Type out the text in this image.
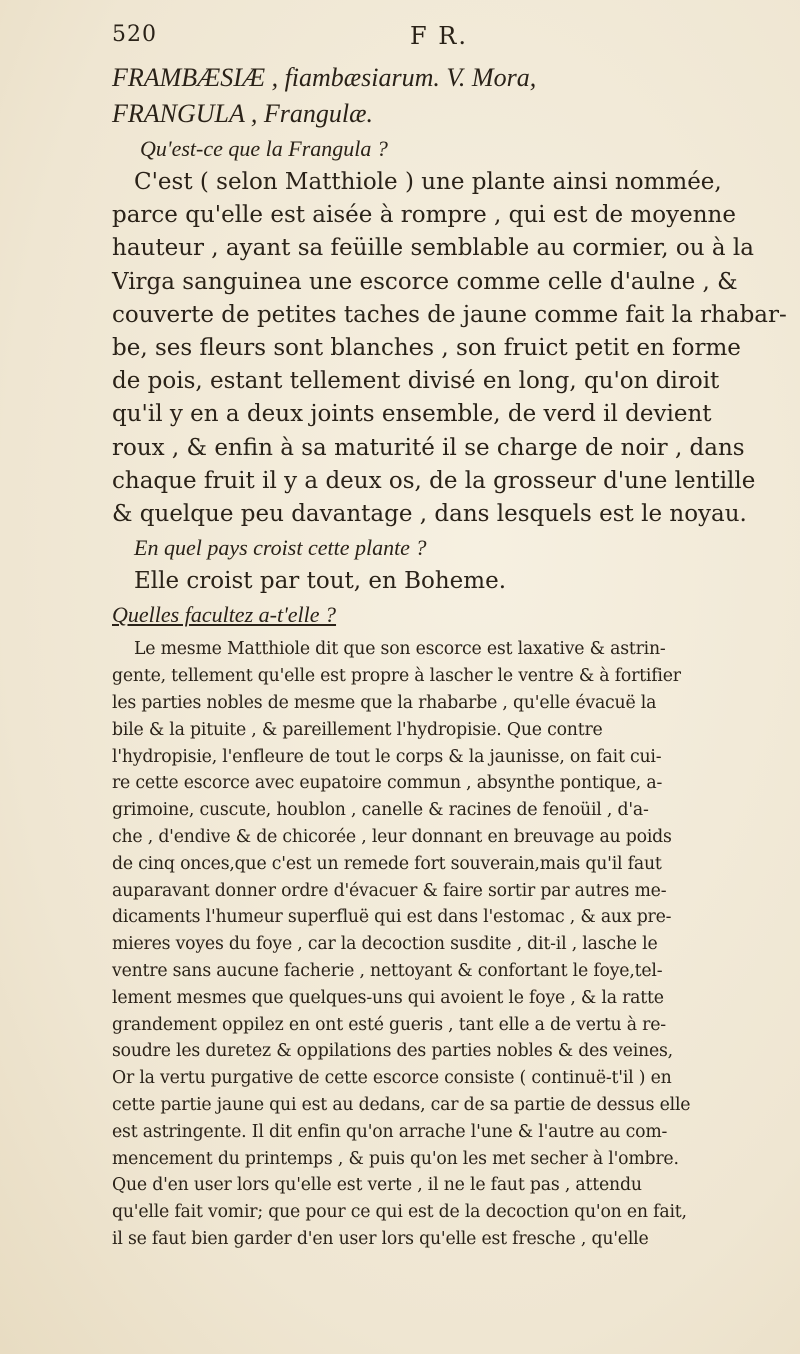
520	F R.
FRAMBÆSIÆ , fiambæsiarum. V. Mora,
FRANGULA , Frangulæ.
Qu'est-ce que la Frangula ?
C'est ( selon Matthiole ) une plante ainsi nommée,
parce qu'elle est aisée à rompre , qui est de moyenne
hauteur , ayant sa feüille semblable au cormier, ou à la
Virga sanguinea une escorce comme celle d'aulne , &
couverte de petites taches de jaune comme fait la rhabar-
be, ses fleurs sont blanches , son fruict petit en forme
de pois, estant tellement divisé en long, qu'on diroit
qu'il y en a deux joints ensemble, de verd il devient
roux , & enfin à sa maturité il se charge de noir , dans
chaque fruit il y a deux os, de la grosseur d'une lentille
& quelque peu davantage , dans lesquels est le noyau.
En quel pays croist cette plante ?
Elle croist par tout, en Boheme.
Quelles facultez a-t'elle ?
Le mesme Matthiole dit que son escorce est laxative & astrin-
gente, tellement qu'elle est propre à lascher le ventre & à fortifier
les parties nobles de mesme que la rhabarbe , qu'elle évacuë la
bile & la pituite , & pareillement l'hydropisie. Que contre
l'hydropisie, l'enfleure de tout le corps & la jaunisse, on fait cui-
re cette escorce avec eupatoire commun , absynthe pontique, a-
grimoine, cuscute, houblon , canelle & racines de fenoüil , d'a-
che , d'endive & de chicorée , leur donnant en breuvage au poids
de cinq onces,que c'est un remede fort souverain,mais qu'il faut
auparavant donner ordre d'évacuer & faire sortir par autres me-
dicaments l'humeur superfluë qui est dans l'estomac , & aux pre-
mieres voyes du foye , car la decoction susdite , dit-il , lasche le
ventre sans aucune facherie , nettoyant & confortant le foye,tel-
lement mesmes que quelques-uns qui avoient le foye , & la ratte
grandement oppilez en ont esté gueris , tant elle a de vertu à re-
soudre les duretez & oppilations des parties nobles & des veines,
Or la vertu purgative de cette escorce consiste ( continuë-t'il ) en
cette partie jaune qui est au dedans, car de sa partie de dessus elle
est astringente. Il dit enfin qu'on arrache l'une & l'autre au com-
mencement du printemps , & puis qu'on les met secher à l'ombre.
Que d'en user lors qu'elle est verte , il ne le faut pas , attendu
qu'elle fait vomir; que pour ce qui est de la decoction qu'on en fait,
il se faut bien garder d'en user lors qu'elle est fresche , qu'elle
